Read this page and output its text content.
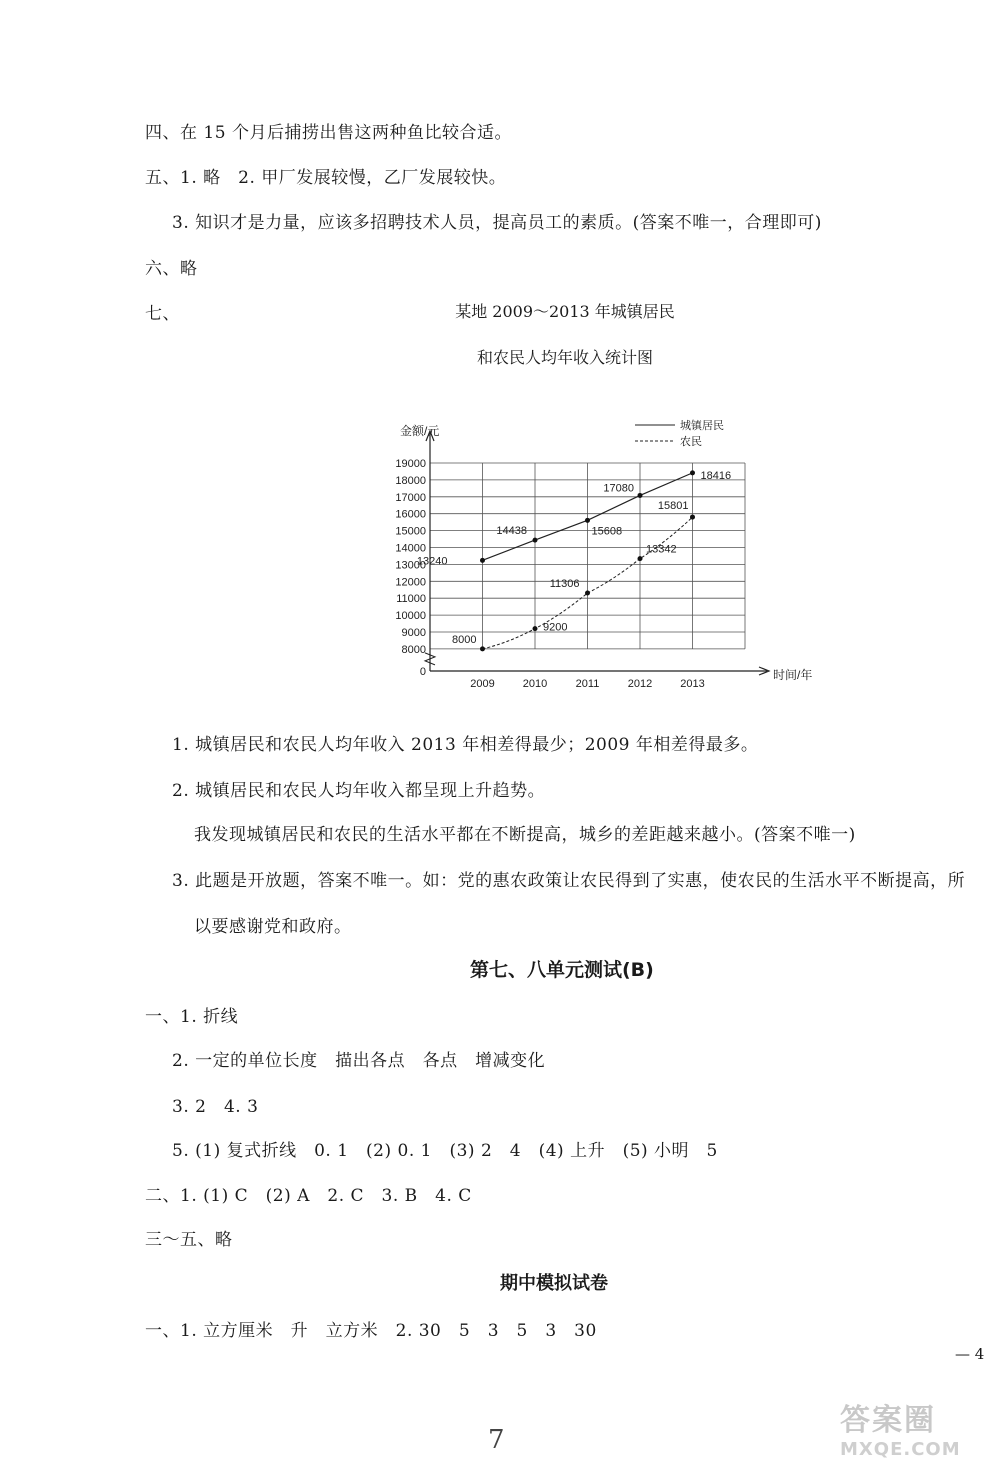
四、在 15 个月后捕捞出售这两种鱼比较合适。
五、1. 略　2. 甲厂发展较慢，乙厂发展较快。
3. 知识才是力量，应该多招聘技术人员，提高员工的素质。(答案不唯一，合理即可)
六、略
七、	某地 2009～2013 年城镇居民
和农民人均年收入统计图
0
8000
9000
10000
11000
12000
13000
14000
15000
16000
17000
18000
19000
2009	2010	2011	2012	2013
金额/元
时间/年
城镇居民
农民
13240
14438	15608
17080
18416
8000
9200
11306
13342
15801
1. 城镇居民和农民人均年收入 2013 年相差得最少；2009 年相差得最多。
2. 城镇居民和农民人均年收入都呈现上升趋势。
我发现城镇居民和农民的生活水平都在不断提高，城乡的差距越来越小。(答案不唯一)
3. 此题是开放题，答案不唯一。如：党的惠农政策让农民得到了实惠，使农民的生活水平不断提高，所
以要感谢党和政府。
第七、八单元测试(B)
一、1. 折线
2. 一定的单位长度　描出各点　各点　增减变化
3. 2　4. 3
5. (1) 复式折线　0. 1　(2) 0. 1　(3) 2　4　(4) 上升　(5) 小明　5
二、1. (1) C　(2) A　2. C　3. B　4. C
三～五、略
期中模拟试卷
一、1. 立方厘米　升　立方米　2. 30　5　3　5　3　30
— 4
7
答案圈
MXQE.COM
